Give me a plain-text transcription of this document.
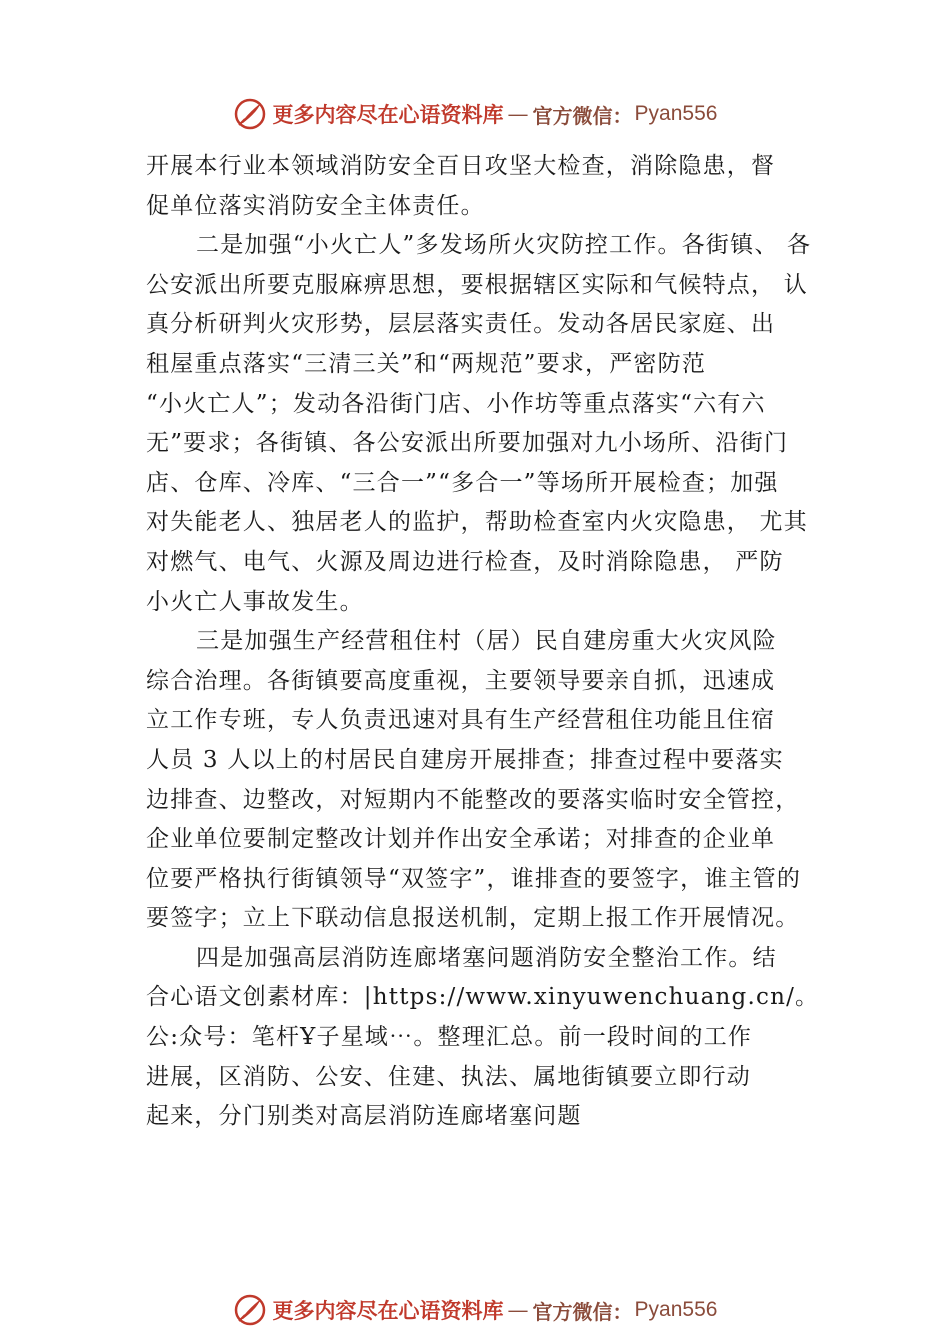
更多内容尽在心语资料库 — 官方微信： Pyan556
开展本行业本领域消防安全百日攻坚大检查，消除隐患，督
促单位落实消防安全主体责任。
二是加强“小火亡人”多发场所火灾防控工作。各街镇、 各
公安派出所要克服麻痹思想，要根据辖区实际和气候特点， 认
真分析研判火灾形势，层层落实责任。发动各居民家庭、出
租屋重点落实“三清三关”和“两规范”要求，严密防范
“小火亡人”；发动各沿街门店、小作坊等重点落实“六有六
无”要求；各街镇、各公安派出所要加强对九小场所、沿街门
店、仓库、冷库、“三合一”“多合一”等场所开展检查；加强
对失能老人、独居老人的监护，帮助检查室内火灾隐患， 尤其
对燃气、电气、火源及周边进行检查，及时消除隐患， 严防
小火亡人事故发生。
三是加强生产经营租住村（居）民自建房重大火灾风险
综合治理。各街镇要高度重视，主要领导要亲自抓，迅速成
立工作专班，专人负责迅速对具有生产经营租住功能且住宿
人员 3 人以上的村居民自建房开展排查；排查过程中要落实
边排查、边整改，对短期内不能整改的要落实临时安全管控，
企业单位要制定整改计划并作出安全承诺；对排查的企业单
位要严格执行街镇领导“双签字”，谁排查的要签字，谁主管的
要签字；立上下联动信息报送机制，定期上报工作开展情况。
四是加强高层消防连廊堵塞问题消防安全整治工作。结
合心语文创素材库：|https://www.xinyuwenchuang.cn/。
公:众号：笔杆Ұ子星域⋯。整理汇总。前一段时间的工作
进展，区消防、公安、住建、执法、属地街镇要立即行动
起来，分门别类对高层消防连廊堵塞问题
更多内容尽在心语资料库 — 官方微信： Pyan556
